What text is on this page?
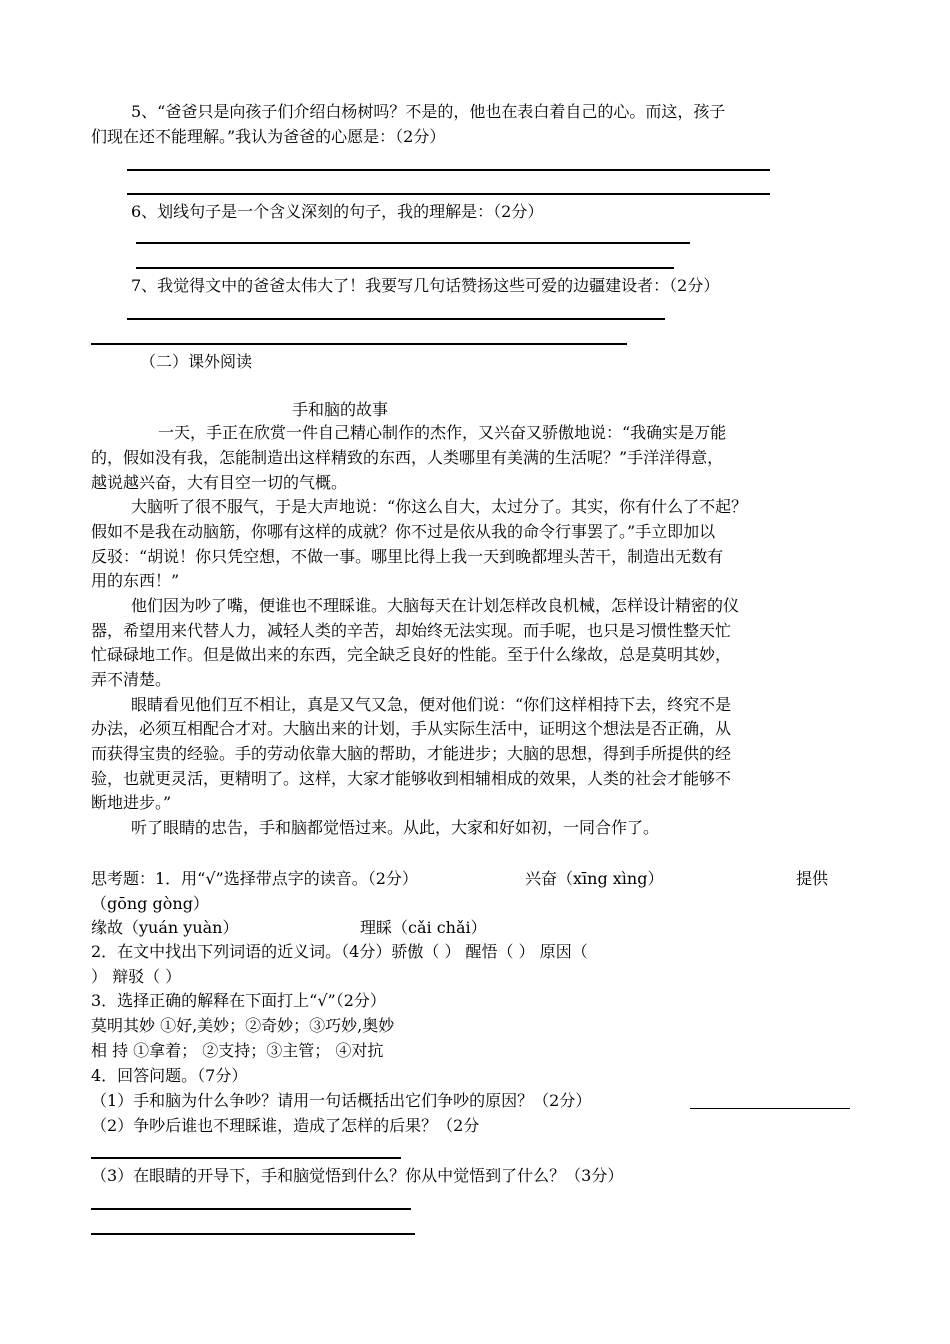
5、“爸爸只是向孩子们介绍白杨树吗？不是的，他也在表白着自己的心。而这，孩子
们现在还不能理解。”我认为爸爸的心愿是：（2分）
6、划线句子是一个含义深刻的句子，我的理解是：（2分）
7、我觉得文中的爸爸太伟大了！我要写几句话赞扬这些可爱的边疆建设者：（2分）
（二）课外阅读
手和脑的故事
一天，手正在欣赏一件自己精心制作的杰作，又兴奋又骄傲地说：“我确实是万能
的，假如没有我，怎能制造出这样精致的东西，人类哪里有美满的生活呢？”手洋洋得意，
越说越兴奋，大有目空一切的气概。
大脑听了很不服气，于是大声地说：“你这么自大，太过分了。其实，你有什么了不起？
假如不是我在动脑筋，你哪有这样的成就？你不过是依从我的命令行事罢了。”手立即加以
反驳：“胡说！你只凭空想，不做一事。哪里比得上我一天到晚都埋头苦干，制造出无数有
用的东西！”
他们因为吵了嘴，便谁也不理睬谁。大脑每天在计划怎样改良机械，怎样设计精密的仪
器，希望用来代替人力，减轻人类的辛苦，却始终无法实现。而手呢，也只是习惯性整天忙
忙碌碌地工作。但是做出来的东西，完全缺乏良好的性能。至于什么缘故，总是莫明其妙，
弄不清楚。
眼睛看见他们互不相让，真是又气又急，便对他们说：“你们这样相持下去，终究不是
办法，必须互相配合才对。大脑出来的计划，手从实际生活中，证明这个想法是否正确，从
而获得宝贵的经验。手的劳动依靠大脑的帮助，才能进步；大脑的思想，得到手所提供的经
验，也就更灵活，更精明了。这样，大家才能够收到相辅相成的效果，人类的社会才能够不
断地进步。”
听了眼睛的忠告，手和脑都觉悟过来。从此，大家和好如初，一同合作了。
思考题：1．用“√”选择带点字的读音。（2分）	兴奋（xīng xìng）	提供
（gōng gòng）
缘故（yuán yuàn）	理睬（cǎi chǎi）
2．在文中找出下列词语的近义词。（4分）骄傲（ ） 醒悟（ ） 原因（
） 辩驳（ ）
3．选择正确的解释在下面打上“√”（2分）
莫明其妙 ①好,美妙；②奇妙；③巧妙,奥妙
相 持 ①拿着； ②支持；③主管； ④对抗
4．回答问题。（7分）
（1）手和脑为什么争吵？请用一句话概括出它们争吵的原因？（2分）
（2）争吵后谁也不理睬谁，造成了怎样的后果？（2分
（3）在眼睛的开导下，手和脑觉悟到什么？你从中觉悟到了什么？（3分）
